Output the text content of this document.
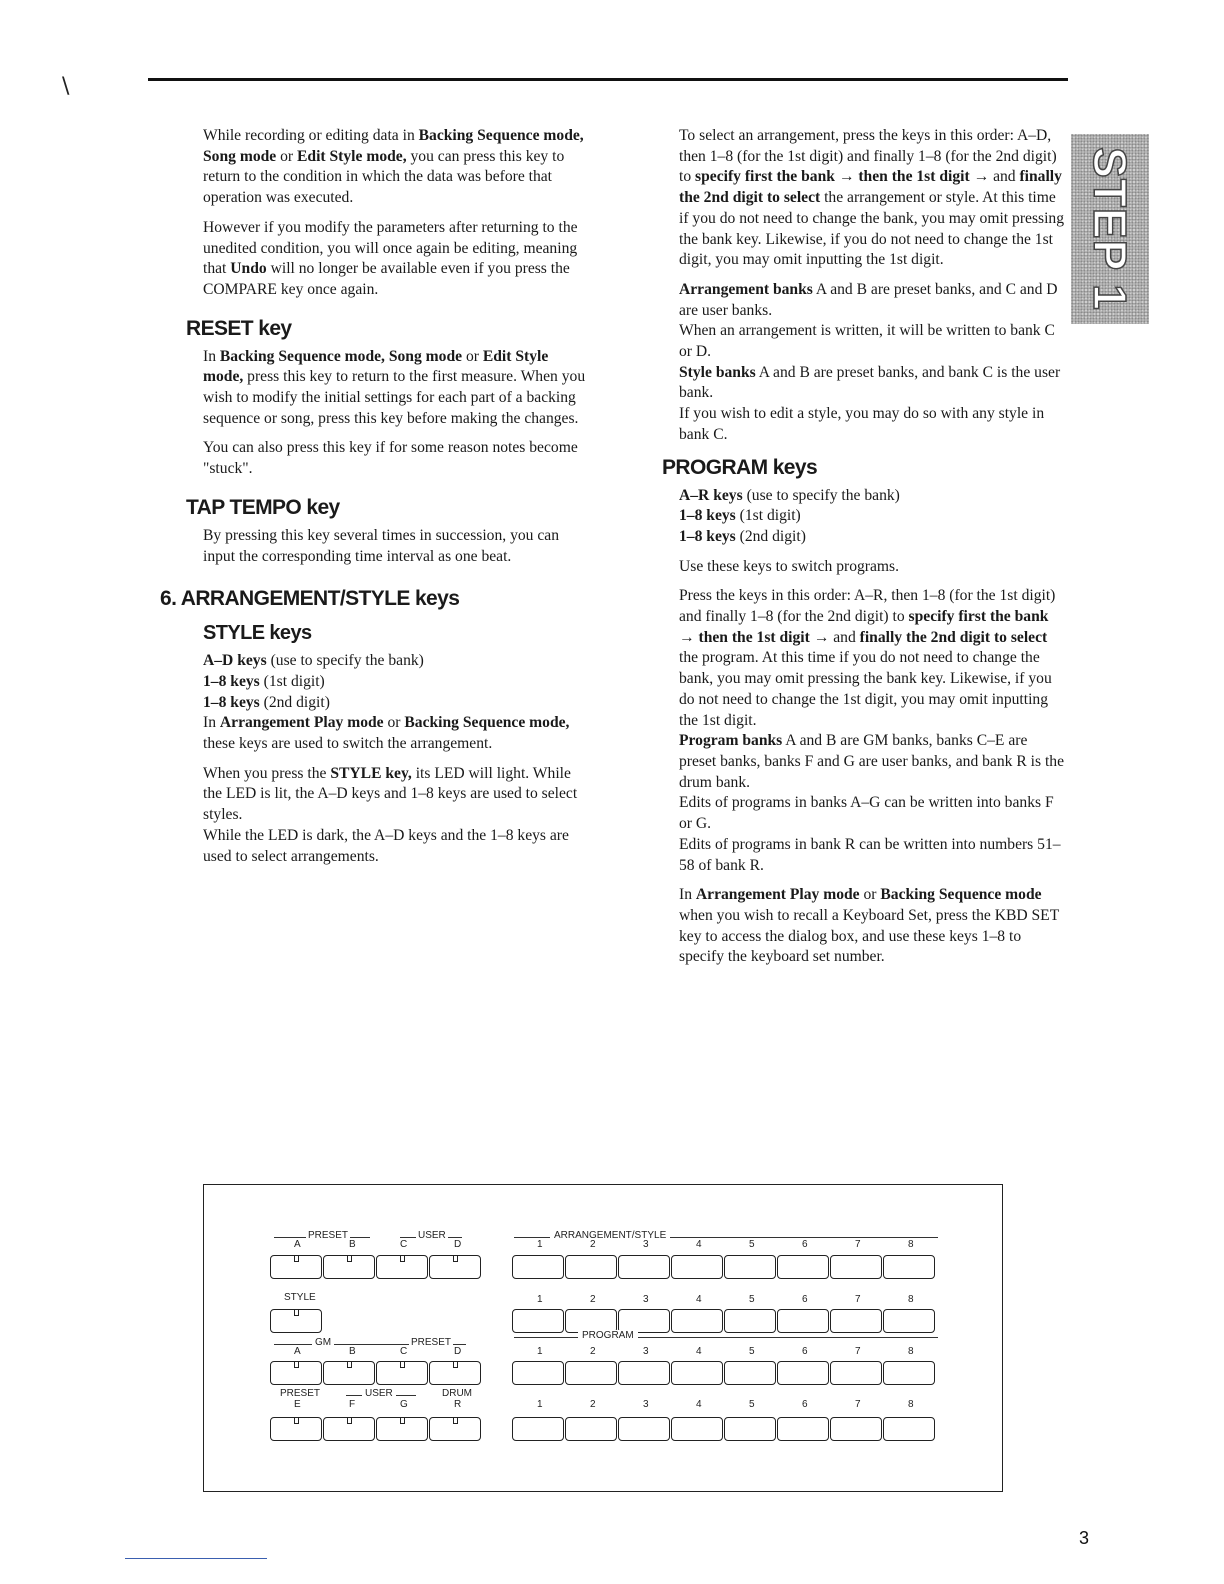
\

While recording or editing data in Backing Sequence mode, Song mode or Edit Style mode, you can press this key to return to the condition in which the data was before that operation was executed.

However if you modify the parameters after returning to the unedited condition, you will once again be editing, meaning that Undo will no longer be available even if you press the COMPARE key once again.

RESET key

In Backing Sequence mode, Song mode or Edit Style mode, press this key to return to the first measure. When you wish to modify the initial settings for each part of a backing sequence or song, press this key before making the changes.

You can also press this key if for some reason notes become "stuck".

TAP TEMPO key

By pressing this key several times in succession, you can input the corresponding time interval as one beat.

6. ARRANGEMENT/STYLE keys
STYLE keys

A–D keys (use to specify the bank)

1–8 keys (1st digit)

1–8 keys (2nd digit)

In Arrangement Play mode or Backing Sequence mode, these keys are used to switch the arrangement.

When you press the STYLE key, its LED will light. While the LED is lit, the A–D keys and 1–8 keys are used to select styles.

While the LED is dark, the A–D keys and the 1–8 keys are used to select arrangements.

To select an arrangement, press the keys in this order: A–D, then 1–8 (for the 1st digit) and finally 1–8 (for the 2nd digit) to specify first the bank → then the 1st digit → and finally the 2nd digit to select the arrangement or style. At this time if you do not need to change the bank, you may omit pressing the bank key. Likewise, if you do not need to change the 1st digit, you may omit inputting the 1st digit.

Arrangement banks A and B are preset banks, and C and D are user banks.

When an arrangement is written, it will be written to bank C or D.

Style banks A and B are preset banks, and bank C is the user bank.

If you wish to edit a style, you may do so with any style in bank C.

PROGRAM keys

A–R keys (use to specify the bank)

1–8 keys (1st digit)

1–8 keys (2nd digit)

Use these keys to switch programs.

Press the keys in this order: A–R, then 1–8 (for the 1st digit) and finally 1–8 (for the 2nd digit) to specify first the bank → then the 1st digit → and finally the 2nd digit to select the program. At this time if you do not need to change the bank, you may omit pressing the bank key. Likewise, if you do not need to change the 1st digit, you may omit inputting the 1st digit.

Program banks A and B are GM banks, banks C–E are preset banks, banks F and G are user banks, and bank R is the drum bank.

Edits of programs in banks A–G can be written into banks F or G.

Edits of programs in bank R can be written into numbers 51–58 of bank R.

In Arrangement Play mode or Backing Sequence mode when you wish to recall a Keyboard Set, press the KBD SET key to access the dialog box, and use these keys 1–8 to specify the keyboard set number.

STEP 1
PRESET	USER	ARRANGEMENT/STYLE
A	B	C	D	1	2	3	4	5	6	7	8
STYLE	1	2	3	4	5	6	7	8
GM	PRESET
PROGRAM
A	B	C	D	1	2	3	4	5	6	7	8
PRESET	USER	DRUM
E	F	G	R	1	2	3	4	5	6	7	8
3
